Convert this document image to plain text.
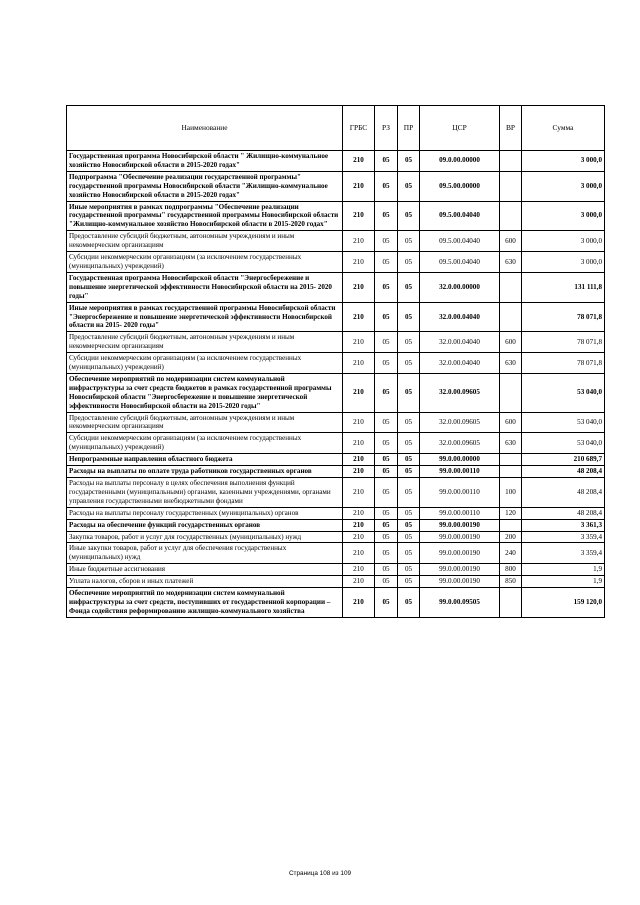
Наименование	ГРБС	РЗ	ПР	ЦСР	ВР	Сумма
Государственная программа Новосибирской области " Жилищно-коммунальное хозяйство Новосибирской области в 2015-2020 годах"	210	05	05	09.0.00.00000		3 000,0
Подпрограмма "Обеспечение реализации государственной программы" государственной программы Новосибирской области "Жилищно-коммунальное хозяйство Новосибирской области в 2015-2020 годах"	210	05	05	09.5.00.00000		3 000,0
Иные мероприятия в рамках подпрограммы "Обеспечение реализации государственной программы" государственной программы Новосибирской области "Жилищно-коммунальное хозяйство Новосибирской области в 2015-2020 годах"	210	05	05	09.5.00.04040		3 000,0
Предоставление субсидий бюджетным, автономным учреждениям и иным некоммерческим организациям	210	05	05	09.5.00.04040	600	3 000,0
Субсидии некоммерческим организациям (за исключением государственных (муниципальных) учреждений)	210	05	05	09.5.00.04040	630	3 000,0
Государственная программа Новосибирской области "Энергосбережение и повышение энергетической эффективности Новосибирской области на 2015- 2020 годы"	210	05	05	32.0.00.00000		131 111,8
Иные мероприятия в рамках государственной программы Новосибирской области "Энергосбережение и повышение энергетической эффективности Новосибирской области на 2015- 2020 годы"	210	05	05	32.0.00.04040		78 071,8
Предоставление субсидий бюджетным, автономным учреждениям и иным некоммерческим организациям	210	05	05	32.0.00.04040	600	78 071,8
Субсидии некоммерческим организациям (за исключением государственных (муниципальных) учреждений)	210	05	05	32.0.00.04040	630	78 071,8
Обеспечение мероприятий по модернизации систем коммунальной инфраструктуры за счет средств бюджетов в рамках государственной программы Новосибирской области "Энергосбережение и повышение энергетической эффективности Новосибирской области на 2015-2020 годы"	210	05	05	32.0.00.09605		53 040,0
Предоставление субсидий бюджетным, автономным учреждениям и иным некоммерческим организациям	210	05	05	32.0.00.09605	600	53 040,0
Субсидии некоммерческим организациям (за исключением государственных (муниципальных) учреждений)	210	05	05	32.0.00.09605	630	53 040,0
Непрограммные направления областного бюджета	210	05	05	99.0.00.00000		210 689,7
Расходы на выплаты по оплате труда работников государственных органов	210	05	05	99.0.00.00110		48 208,4
Расходы на выплаты персоналу в целях обеспечения выполнения функций государственными (муниципальными) органами, казенными учреждениями, органами управления государственными внебюджетными фондами	210	05	05	99.0.00.00110	100	48 208,4
Расходы на выплаты персоналу государственных (муниципальных) органов	210	05	05	99.0.00.00110	120	48 208,4
Расходы на обеспечение функций государственных органов	210	05	05	99.0.00.00190		3 361,3
Закупка товаров, работ и услуг для государственных (муниципальных) нужд	210	05	05	99.0.00.00190	200	3 359,4
Иные закупки товаров, работ и услуг для обеспечения государственных (муниципальных) нужд	210	05	05	99.0.00.00190	240	3 359,4
Иные бюджетные ассигнования	210	05	05	99.0.00.00190	800	1,9
Уплата налогов, сборов и иных платежей	210	05	05	99.0.00.00190	850	1,9
Обеспечение мероприятий по модернизации систем коммунальной инфраструктуры за счет средств, поступивших от государственной корпорации – Фонда содействия реформированию жилищно-коммунального хозяйства	210	05	05	99.0.00.09505		159 120,0
Страница 108 из 109
